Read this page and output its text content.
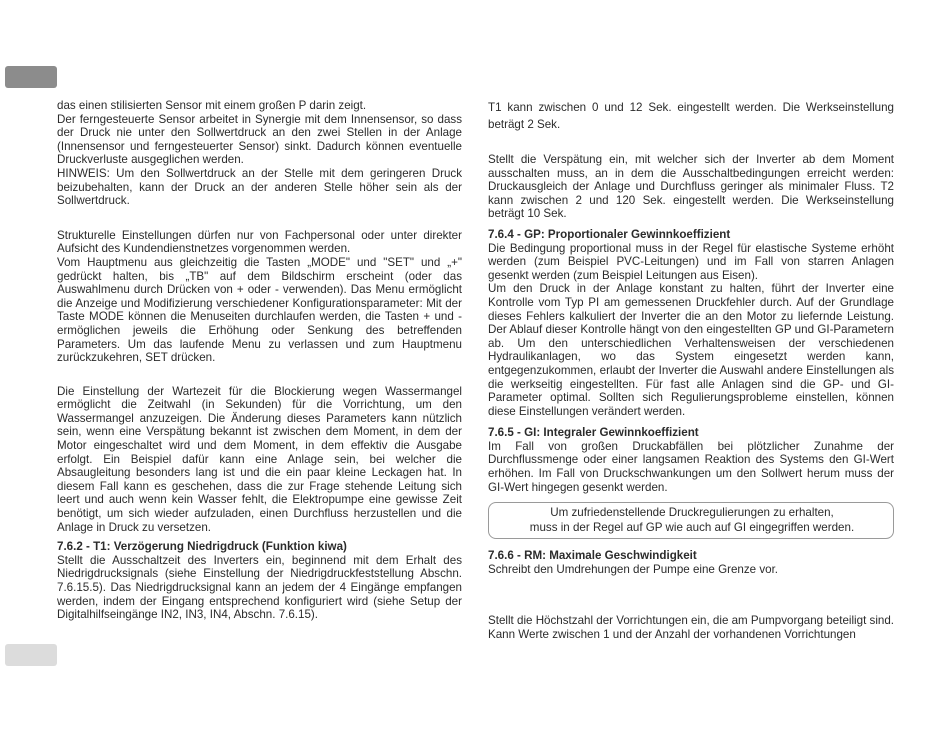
das einen stilisierten Sensor mit einem großen P darin zeigt.

Der ferngesteuerte Sensor arbeitet in Synergie mit dem Innensensor, so dass der Druck nie unter den Sollwertdruck an den zwei Stellen in der Anlage (Innensensor und ferngesteuerter Sensor) sinkt. Dadurch können eventuelle Druckverluste ausgeglichen werden.

HINWEIS: Um den Sollwertdruck an der Stelle mit dem geringeren Druck beizubehalten, kann der Druck an der anderen Stelle höher sein als der Sollwertdruck.

Strukturelle Einstellungen dürfen nur von Fachpersonal oder unter direkter Aufsicht des Kundendienstnetzes vorgenommen werden.

Vom Hauptmenu aus gleichzeitig die Tasten „MODE" und "SET" und „+" gedrückt halten, bis „TB" auf dem Bildschirm erscheint (oder das Auswahlmenu durch Drücken von + oder - verwenden). Das Menu ermöglicht die Anzeige und Modifizierung verschiedener Konfigurationsparameter: Mit der Taste MODE können die Menuseiten durchlaufen werden, die Tasten + und - ermöglichen jeweils die Erhöhung oder Senkung des betreffenden Parameters. Um das laufende Menu zu verlassen und zum Hauptmenu zurückzukehren, SET drücken.

Die Einstellung der Wartezeit für die Blockierung wegen Wassermangel ermöglicht die Zeitwahl (in Sekunden) für die Vorrichtung, um den Wassermangel anzuzeigen. Die Änderung dieses Parameters kann nützlich sein, wenn eine Verspätung bekannt ist zwischen dem Moment, in dem der Motor eingeschaltet wird und dem Moment, in dem effektiv die Ausgabe erfolgt. Ein Beispiel dafür kann eine Anlage sein, bei welcher die Absaugleitung besonders lang ist und die ein paar kleine Leckagen hat. In diesem Fall kann es geschehen, dass die zur Frage stehende Leitung sich leert und auch wenn kein Wasser fehlt, die Elektropumpe eine gewisse Zeit benötigt, um sich wieder aufzuladen, einen Durchfluss herzustellen und die Anlage in Druck zu versetzen.

7.6.2 - T1: Verzögerung Niedrigdruck (Funktion kiwa)

Stellt die Ausschaltzeit des Inverters ein, beginnend mit dem Erhalt des Niedrigdrucksignals (siehe Einstellung der Niedrigdruckfeststellung Abschn. 7.6.15.5). Das Niedrigdrucksignal kann an jedem der 4 Eingänge empfangen werden, indem der Eingang entsprechend konfiguriert wird (siehe Setup der Digitalhilfseingänge IN2, IN3, IN4, Abschn. 7.6.15).

T1 kann zwischen 0 und 12 Sek. eingestellt werden. Die Werkseinstellung beträgt 2 Sek.

Stellt die Verspätung ein, mit welcher sich der Inverter ab dem Moment ausschalten muss, an in dem die Ausschaltbedingungen erreicht werden: Druckausgleich der Anlage und Durchfluss geringer als minimaler Fluss. T2 kann zwischen 2 und 120 Sek. eingestellt werden. Die Werkseinstellung beträgt 10 Sek.

7.6.4 - GP: Proportionaler Gewinnkoeffizient

Die Bedingung proportional muss in der Regel für elastische Systeme erhöht werden (zum Beispiel PVC-Leitungen) und im Fall von starren Anlagen gesenkt werden (zum Beispiel Leitungen aus Eisen).

Um den Druck in der Anlage konstant zu halten, führt der Inverter eine Kontrolle vom Typ PI am gemessenen Druckfehler durch. Auf der Grundlage dieses Fehlers kalkuliert der Inverter die an den Motor zu liefernde Leistung. Der Ablauf dieser Kontrolle hängt von den eingestellten GP und GI-Parametern ab. Um den unterschiedlichen Verhaltensweisen der verschiedenen Hydraulikanlagen, wo das System eingesetzt werden kann, entgegenzukommen, erlaubt der Inverter die Auswahl andere Einstellungen als die werkseitig eingestellten. Für fast alle Anlagen sind die GP- und GI-Parameter optimal. Sollten sich Regulierungsprobleme einstellen, können diese Einstellungen verändert werden.

7.6.5 - GI: Integraler Gewinnkoeffizient

Im Fall von großen Druckabfällen bei plötzlicher Zunahme der Durchflussmenge oder einer langsamen Reaktion des Systems den GI-Wert erhöhen. Im Fall von Druckschwankungen um den Sollwert herum muss der GI-Wert hingegen gesenkt werden.

Um zufriedenstellende Druckregulierungen zu erhalten,
muss in der Regel auf GP wie auch auf GI eingegriffen werden.
7.6.6 - RM: Maximale Geschwindigkeit

Schreibt den Umdrehungen der Pumpe eine Grenze vor.

Stellt die Höchstzahl der Vorrichtungen ein, die am Pumpvorgang beteiligt sind.

Kann Werte zwischen 1 und der Anzahl der vorhandenen Vorrichtungen
